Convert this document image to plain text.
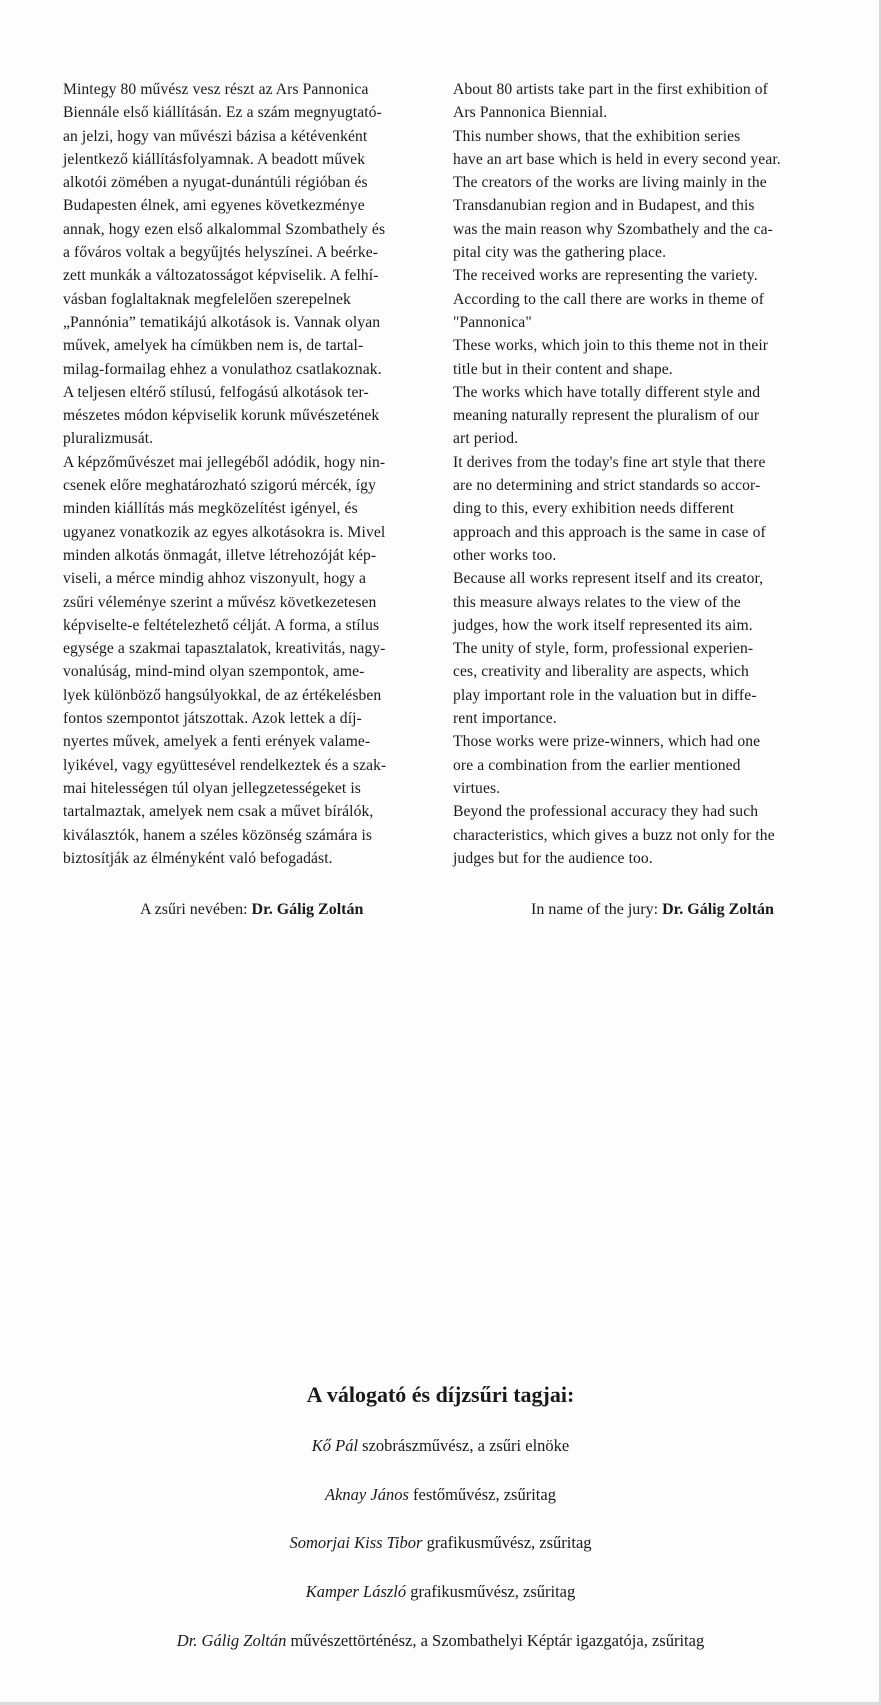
Mintegy 80 művész vesz részt az Ars Pannonica
Biennále első kiállításán. Ez a szám megnyugtató-
an jelzi, hogy van művészi bázisa a kétévenként
jelentkező kiállításfolyamnak. A beadott művek
alkotói zömében a nyugat-dunántúli régióban és
Budapesten élnek, ami egyenes következménye
annak, hogy ezen első alkalommal Szombathely és
a főváros voltak a begyűjtés helyszínei. A beérke-
zett munkák a változatosságot képviselik. A felhí-
vásban foglaltaknak megfelelően szerepelnek
„Pannónia” tematikájú alkotások is. Vannak olyan
művek, amelyek ha címükben nem is, de tartal-
milag-formailag ehhez a vonulathoz csatlakoznak.
A teljesen eltérő stílusú, felfogású alkotások ter-
mészetes módon képviselik korunk művészetének
pluralizmusát.
A képzőművészet mai jellegéből adódik, hogy nin-
csenek előre meghatározható szigorú mércék, így
minden kiállítás más megközelítést igényel, és
ugyanez vonatkozik az egyes alkotásokra is. Mivel
minden alkotás önmagát, illetve létrehozóját kép-
viseli, a mérce mindig ahhoz viszonyult, hogy a
zsűri véleménye szerint a művész következetesen
képviselte-e feltételezhető célját. A forma, a stílus
egysége a szakmai tapasztalatok, kreativitás, nagy-
vonalúság, mind-mind olyan szempontok, ame-
lyek különböző hangsúlyokkal, de az értékelésben
fontos szempontot játszottak. Azok lettek a díj-
nyertes művek, amelyek a fenti erények valame-
lyikével, vagy együttesével rendelkeztek és a szak-
mai hitelességen túl olyan jellegzetességeket is
tartalmaztak, amelyek nem csak a művet bírálók,
kiválasztók, hanem a széles közönség számára is
biztosítják az élményként való befogadást.
About 80 artists take part in the first exhibition of
Ars Pannonica Biennial.
This number shows, that the exhibition series
have an art base which is held in every second year.
The creators of the works are living mainly in the
Transdanubian region and in Budapest, and this
was the main reason why Szombathely and the ca-
pital city was the gathering place.
The received works are representing the variety.
According to the call there are works in theme of
"Pannonica"
These works, which join to this theme not in their
title but in their content and shape.
The works which have totally different style and
meaning naturally represent the pluralism of our
art period.
It derives from the today's fine art style that there
are no determining and strict standards so accor-
ding to this, every exhibition needs different
approach and this approach is the same in case of
other works too.
Because all works represent itself and its creator,
this measure always relates to the view of the
judges, how the work itself represented its aim.
The unity of style, form, professional experien-
ces, creativity and liberality are aspects, which
play important role in the valuation but in diffe-
rent importance.
Those works were prize-winners, which had one
ore a combination from the earlier mentioned
virtues.
Beyond the professional accuracy they had such
characteristics, which gives a buzz not only for the
judges but for the audience too.
A zsűri nevében: Dr. Gálig Zoltán	In name of the jury: Dr. Gálig Zoltán
A válogató és díjzsűri tagjai:
Kő Pál szobrászművész, a zsűri elnöke
Aknay János festőművész, zsűritag
Somorjai Kiss Tibor grafikusművész, zsűritag
Kamper László grafikusművész, zsűritag
Dr. Gálig Zoltán művészettörténész, a Szombathelyi Képtár igazgatója, zsűritag
